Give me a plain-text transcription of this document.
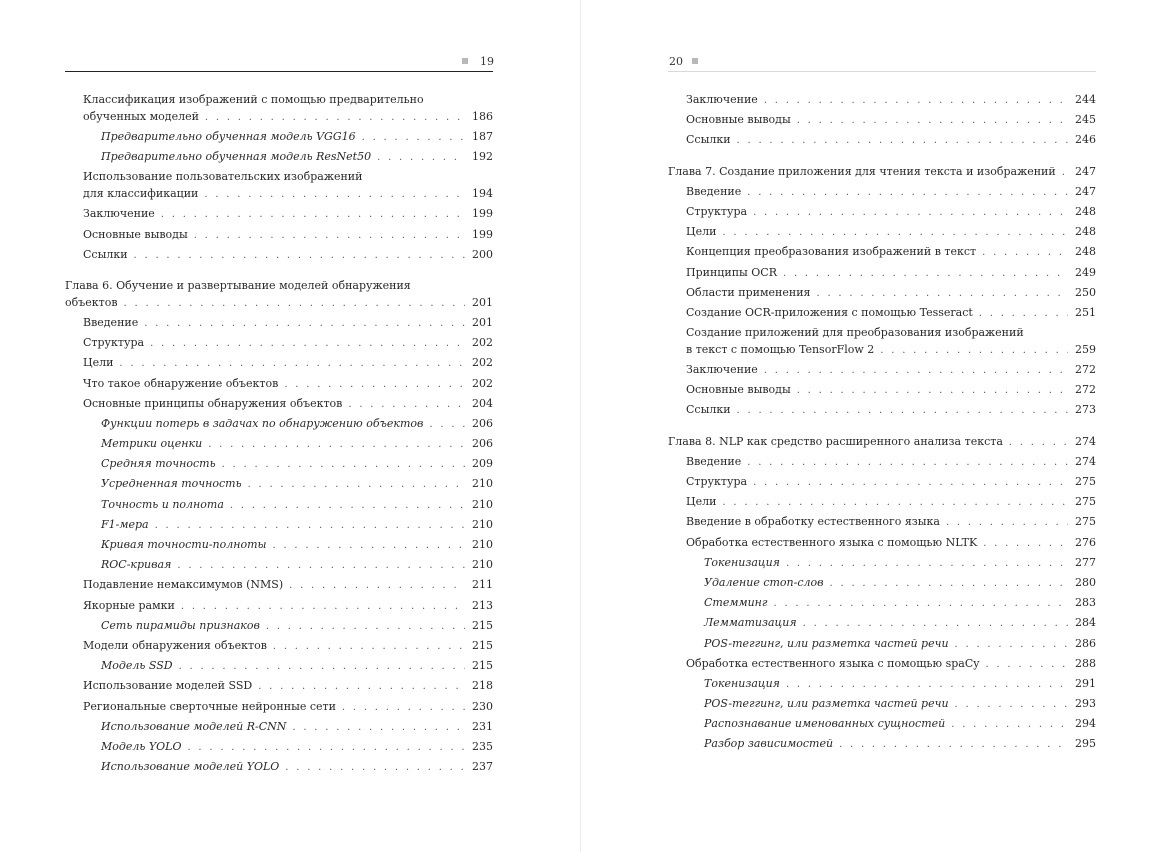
19
Классификация изображений с помощью предварительно
обученных моделей . . .	186
Предварительно обученная модель VGG16 . . .	187
Предварительно обученная модель ResNet50 . . .	192
Использование пользовательских изображений
для классификации . . .	194
Заключение . . .	199
Основные выводы . . .	199
Ссылки . . .	200
Глава 6. Обучение и развертывание моделей обнаружения
объектов . . .	201
Введение . . .	201
Структура . . .	202
Цели . . .	202
Что такое обнаружение объектов . . .	202
Основные принципы обнаружения объектов . . .	204
Функции потерь в задачах по обнаружению объектов . . .	206
Метрики оценки . . .	206
Средняя точность . . .	209
Усредненная точность . . .	210
Точность и полнота . . .	210
F1-мера . . .	210
Кривая точности-полноты . . .	210
ROC-кривая . . .	210
Подавление немаксимумов (NMS) . . .	211
Якорные рамки . . .	213
Сеть пирамиды признаков . . .	215
Модели обнаружения объектов . . .	215
Модель SSD . . .	215
Использование моделей SSD . . .	218
Региональные сверточные нейронные сети . . .	230
Использование моделей R-CNN . . .	231
Модель YOLO . . .	235
Использование моделей YOLO . . .	237
20
Заключение . . .	244
Основные выводы . . .	245
Ссылки . . .	246
Глава 7. Создание приложения для чтения текста и изображений . . .	247
Введение . . .	247
Структура . . .	248
Цели . . .	248
Концепция преобразования изображений в текст . . .	248
Принципы OCR . . .	249
Области применения . . .	250
Создание OCR-приложения с помощью Tesseract . . .	251
Создание приложений для преобразования изображений
в текст с помощью TensorFlow 2 . . .	259
Заключение . . .	272
Основные выводы . . .	272
Ссылки . . .	273
Глава 8. NLP как средство расширенного анализа текста . . .	274
Введение . . .	274
Структура . . .	275
Цели . . .	275
Введение в обработку естественного языка . . .	275
Обработка естественного языка с помощью NLTK . . .	276
Токенизация . . .	277
Удаление стоп-слов . . .	280
Стемминг . . .	283
Лемматизация . . .	284
POS-теггинг, или разметка частей речи . . .	286
Обработка естественного языка с помощью spaCy . . .	288
Токенизация . . .	291
POS-теггинг, или разметка частей речи . . .	293
Распознавание именованных сущностей . . .	294
Разбор зависимостей . . .	295
